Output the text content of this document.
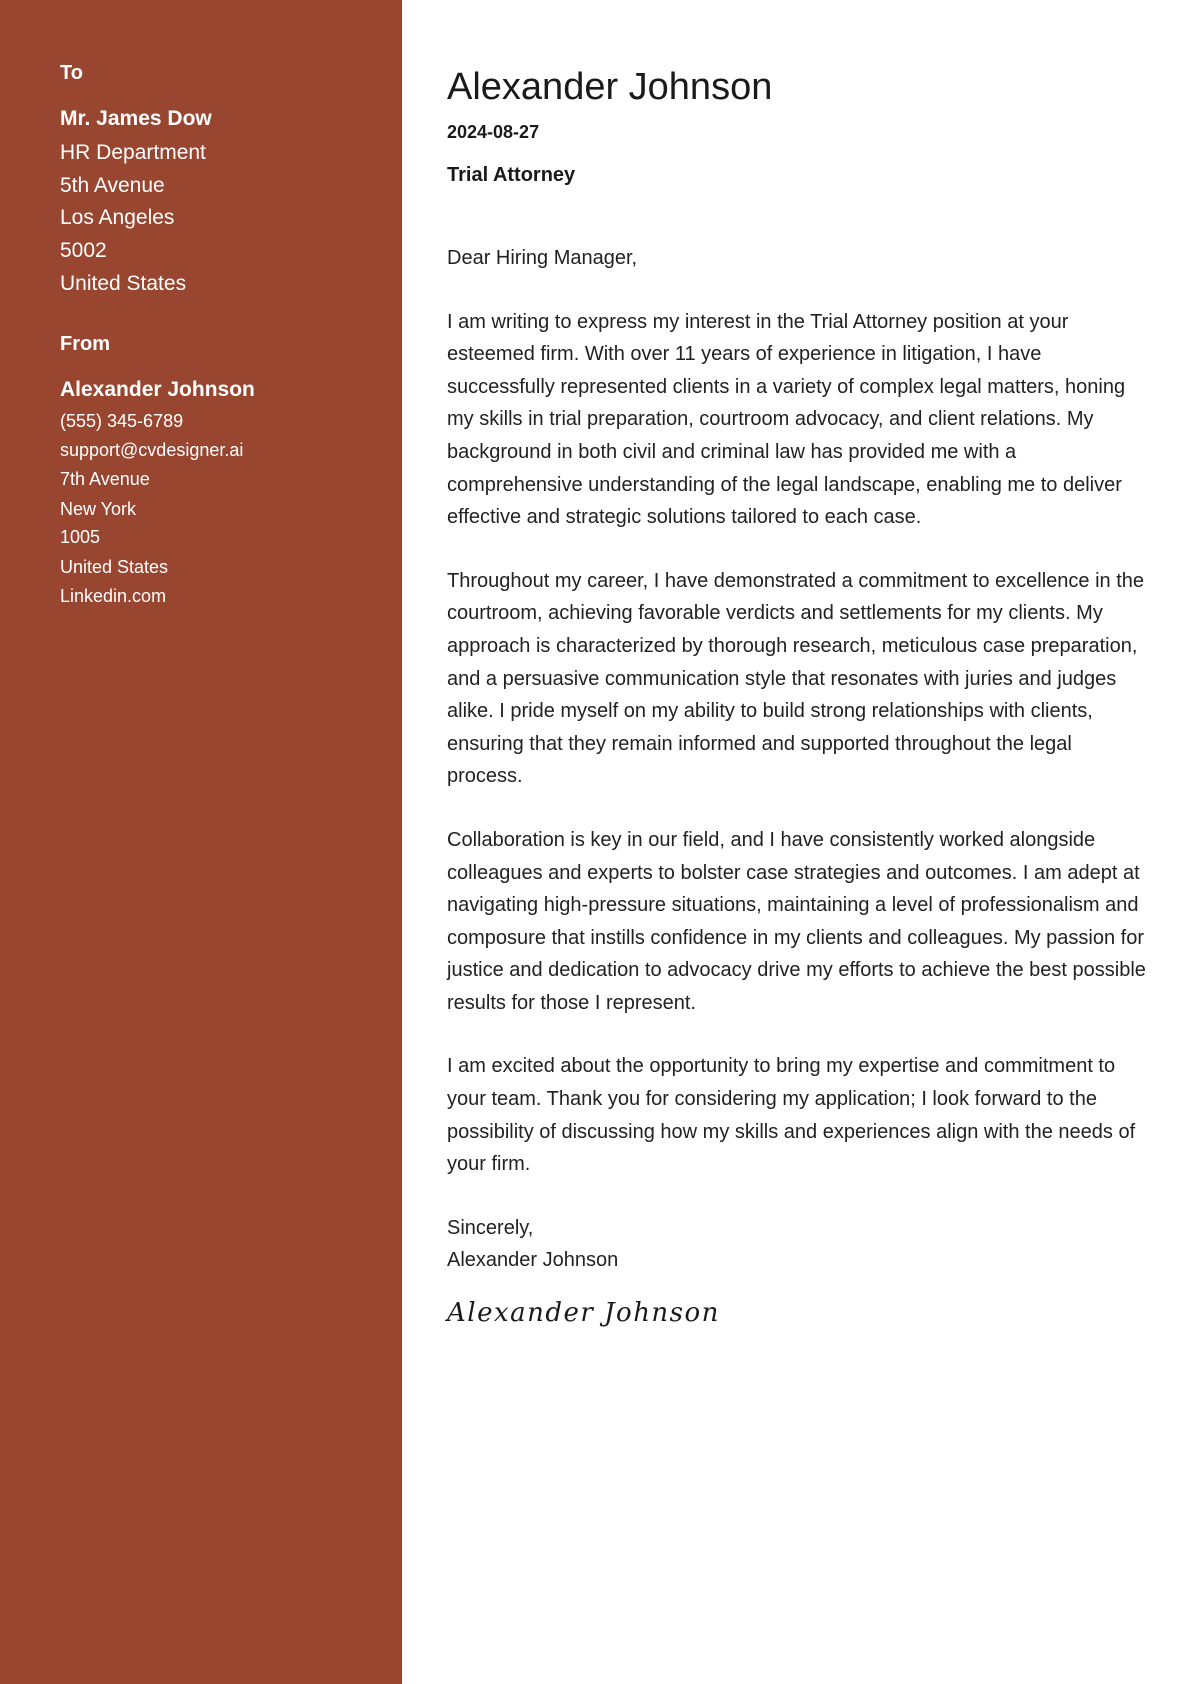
To
Mr. James Dow
HR Department
5th Avenue
Los Angeles
5002
United States
From
Alexander Johnson
(555) 345-6789
support@cvdesigner.ai
7th Avenue
New York
1005
United States
Linkedin.com
Alexander Johnson
2024-08-27
Trial Attorney

Dear Hiring Manager,

I am writing to express my interest in the Trial Attorney position at your esteemed firm. With over 11 years of experience in litigation, I have successfully represented clients in a variety of complex legal matters, honing my skills in trial preparation, courtroom advocacy, and client relations. My background in both civil and criminal law has provided me with a comprehensive understanding of the legal landscape, enabling me to deliver effective and strategic solutions tailored to each case.

Throughout my career, I have demonstrated a commitment to excellence in the courtroom, achieving favorable verdicts and settlements for my clients. My approach is characterized by thorough research, meticulous case preparation, and a persuasive communication style that resonates with juries and judges alike. I pride myself on my ability to build strong relationships with clients, ensuring that they remain informed and supported throughout the legal process.

Collaboration is key in our field, and I have consistently worked alongside colleagues and experts to bolster case strategies and outcomes. I am adept at navigating high-pressure situations, maintaining a level of professionalism and composure that instills confidence in my clients and colleagues. My passion for justice and dedication to advocacy drive my efforts to achieve the best possible results for those I represent.

I am excited about the opportunity to bring my expertise and commitment to your team. Thank you for considering my application; I look forward to the possibility of discussing how my skills and experiences align with the needs of your firm.

Sincerely,

Alexander Johnson

Alexander Johnson
